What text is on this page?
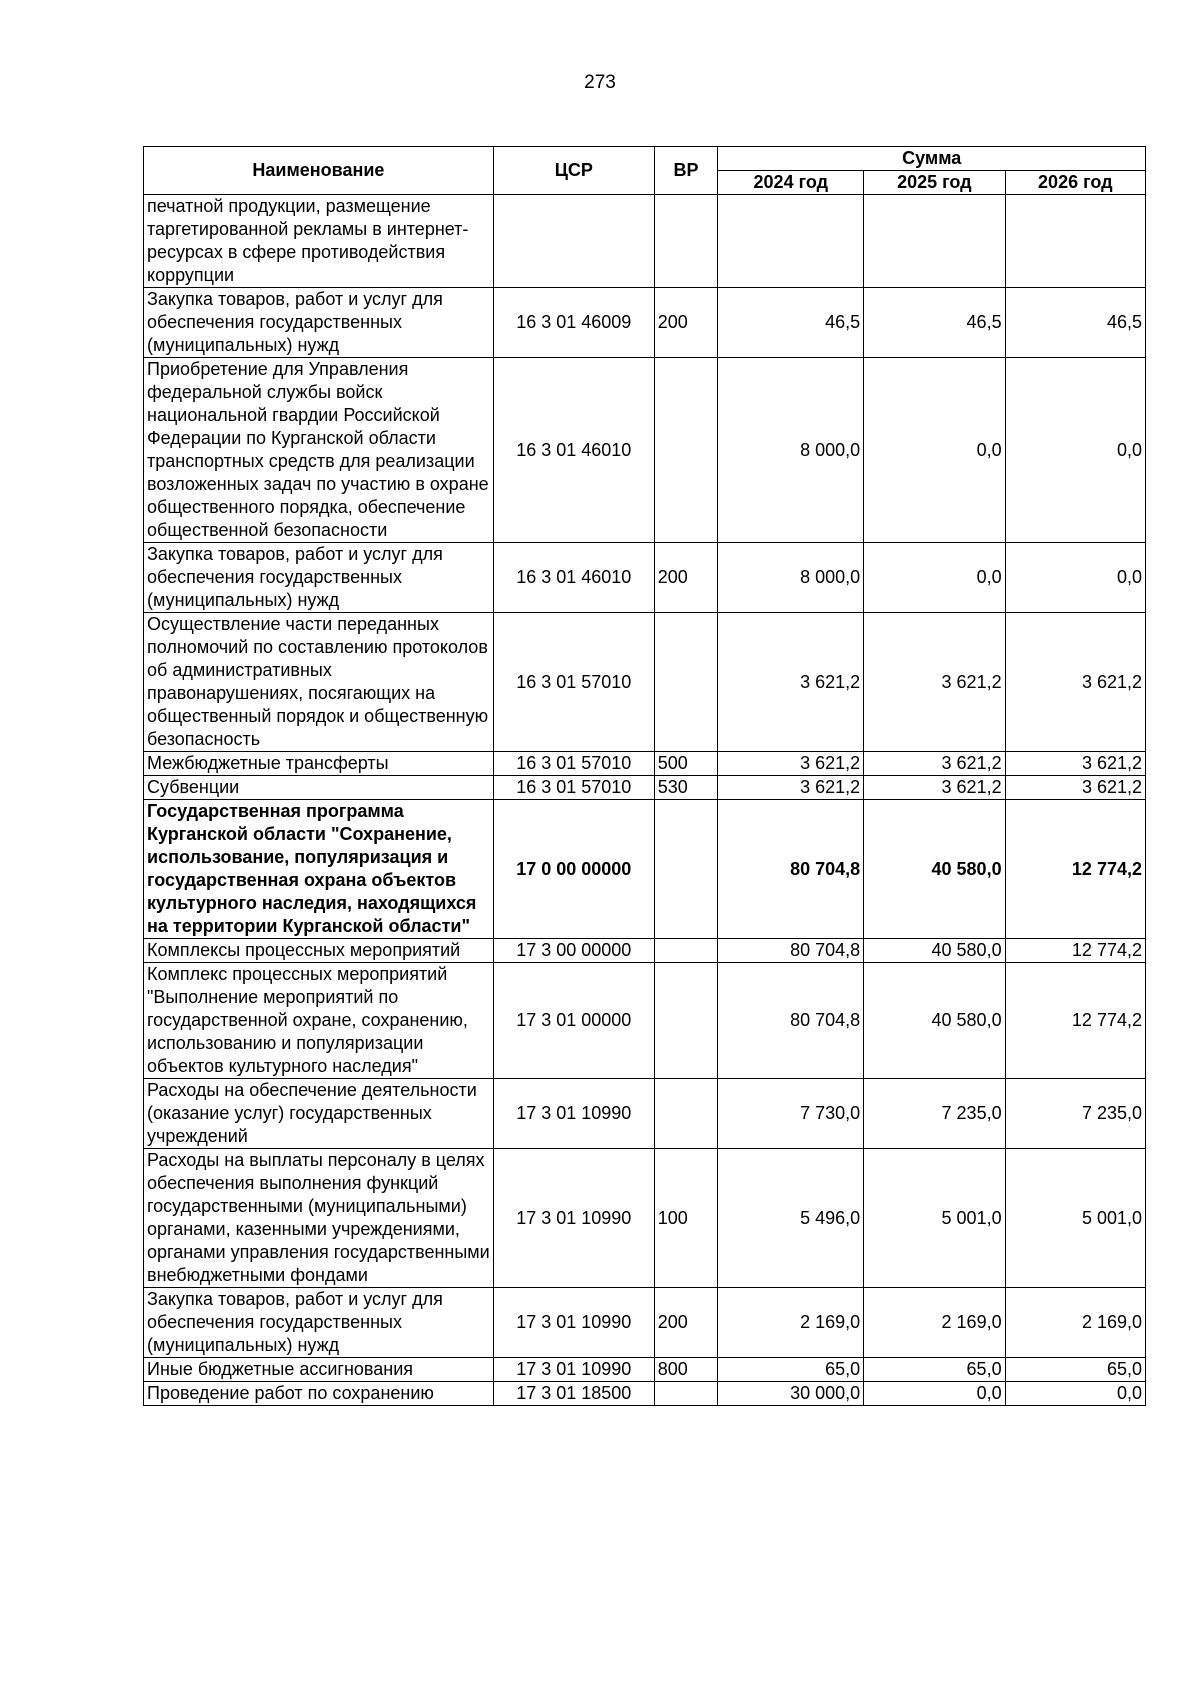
273
Наименование	ЦСР	ВР	Сумма		
			2024 год	2025 год	2026 год
печатной продукции, размещение таргетированной рекламы в интернет-ресурсах в сфере противодействия коррупции					
Закупка товаров, работ и услуг для обеспечения государственных (муниципальных) нужд	16 3 01 46009	200	46,5	46,5	46,5
Приобретение для Управления федеральной службы войск национальной гвардии Российской Федерации по Курганской области транспортных средств для реализации возложенных задач по участию в охране общественного порядка, обеспечение общественной безопасности	16 3 01 46010		8 000,0	0,0	0,0
Закупка товаров, работ и услуг для обеспечения государственных (муниципальных) нужд	16 3 01 46010	200	8 000,0	0,0	0,0
Осуществление части переданных полномочий по составлению протоколов об административных правонарушениях, посягающих на общественный порядок и общественную безопасность	16 3 01 57010		3 621,2	3 621,2	3 621,2
Межбюджетные трансферты	16 3 01 57010	500	3 621,2	3 621,2	3 621,2
Субвенции	16 3 01 57010	530	3 621,2	3 621,2	3 621,2
Государственная программа Курганской области "Сохранение, использование, популяризация и государственная охрана объектов культурного наследия, находящихся на территории Курганской области"	17 0 00 00000		80 704,8	40 580,0	12 774,2
Комплексы процессных мероприятий	17 3 00 00000		80 704,8	40 580,0	12 774,2
Комплекс процессных мероприятий "Выполнение мероприятий по государственной охране, сохранению, использованию и популяризации объектов культурного наследия"	17 3 01 00000		80 704,8	40 580,0	12 774,2
Расходы на обеспечение деятельности (оказание услуг) государственных учреждений	17 3 01 10990		7 730,0	7 235,0	7 235,0
Расходы на выплаты персоналу в целях обеспечения выполнения функций государственными (муниципальными) органами, казенными учреждениями, органами управления государственными внебюджетными фондами	17 3 01 10990	100	5 496,0	5 001,0	5 001,0
Закупка товаров, работ и услуг для обеспечения государственных (муниципальных) нужд	17 3 01 10990	200	2 169,0	2 169,0	2 169,0
Иные бюджетные ассигнования	17 3 01 10990	800	65,0	65,0	65,0
Проведение работ по сохранению	17 3 01 18500		30 000,0	0,0	0,0
